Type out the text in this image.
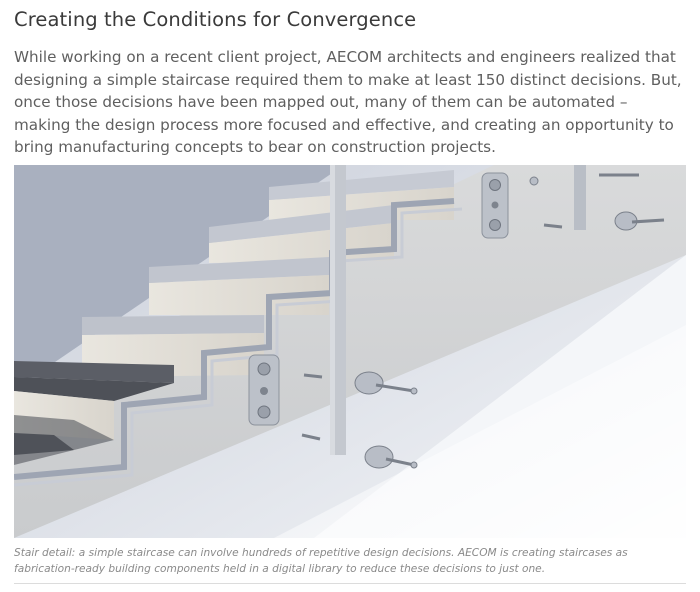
Creating the Conditions for Convergence
While working on a recent client project, AECOM architects and engineers realized that designing a simple staircase required them to make at least 150 distinct decisions. But, once those decisions have been mapped out, many of them can be automated – making the design process more focused and effective, and creating an opportunity to bring manufacturing concepts to bear on construction projects.
Stair detail: a simple staircase can involve hundreds of repetitive design decisions. AECOM is creating staircases as fabrication-ready building components held in a digital library to reduce these decisions to just one.
